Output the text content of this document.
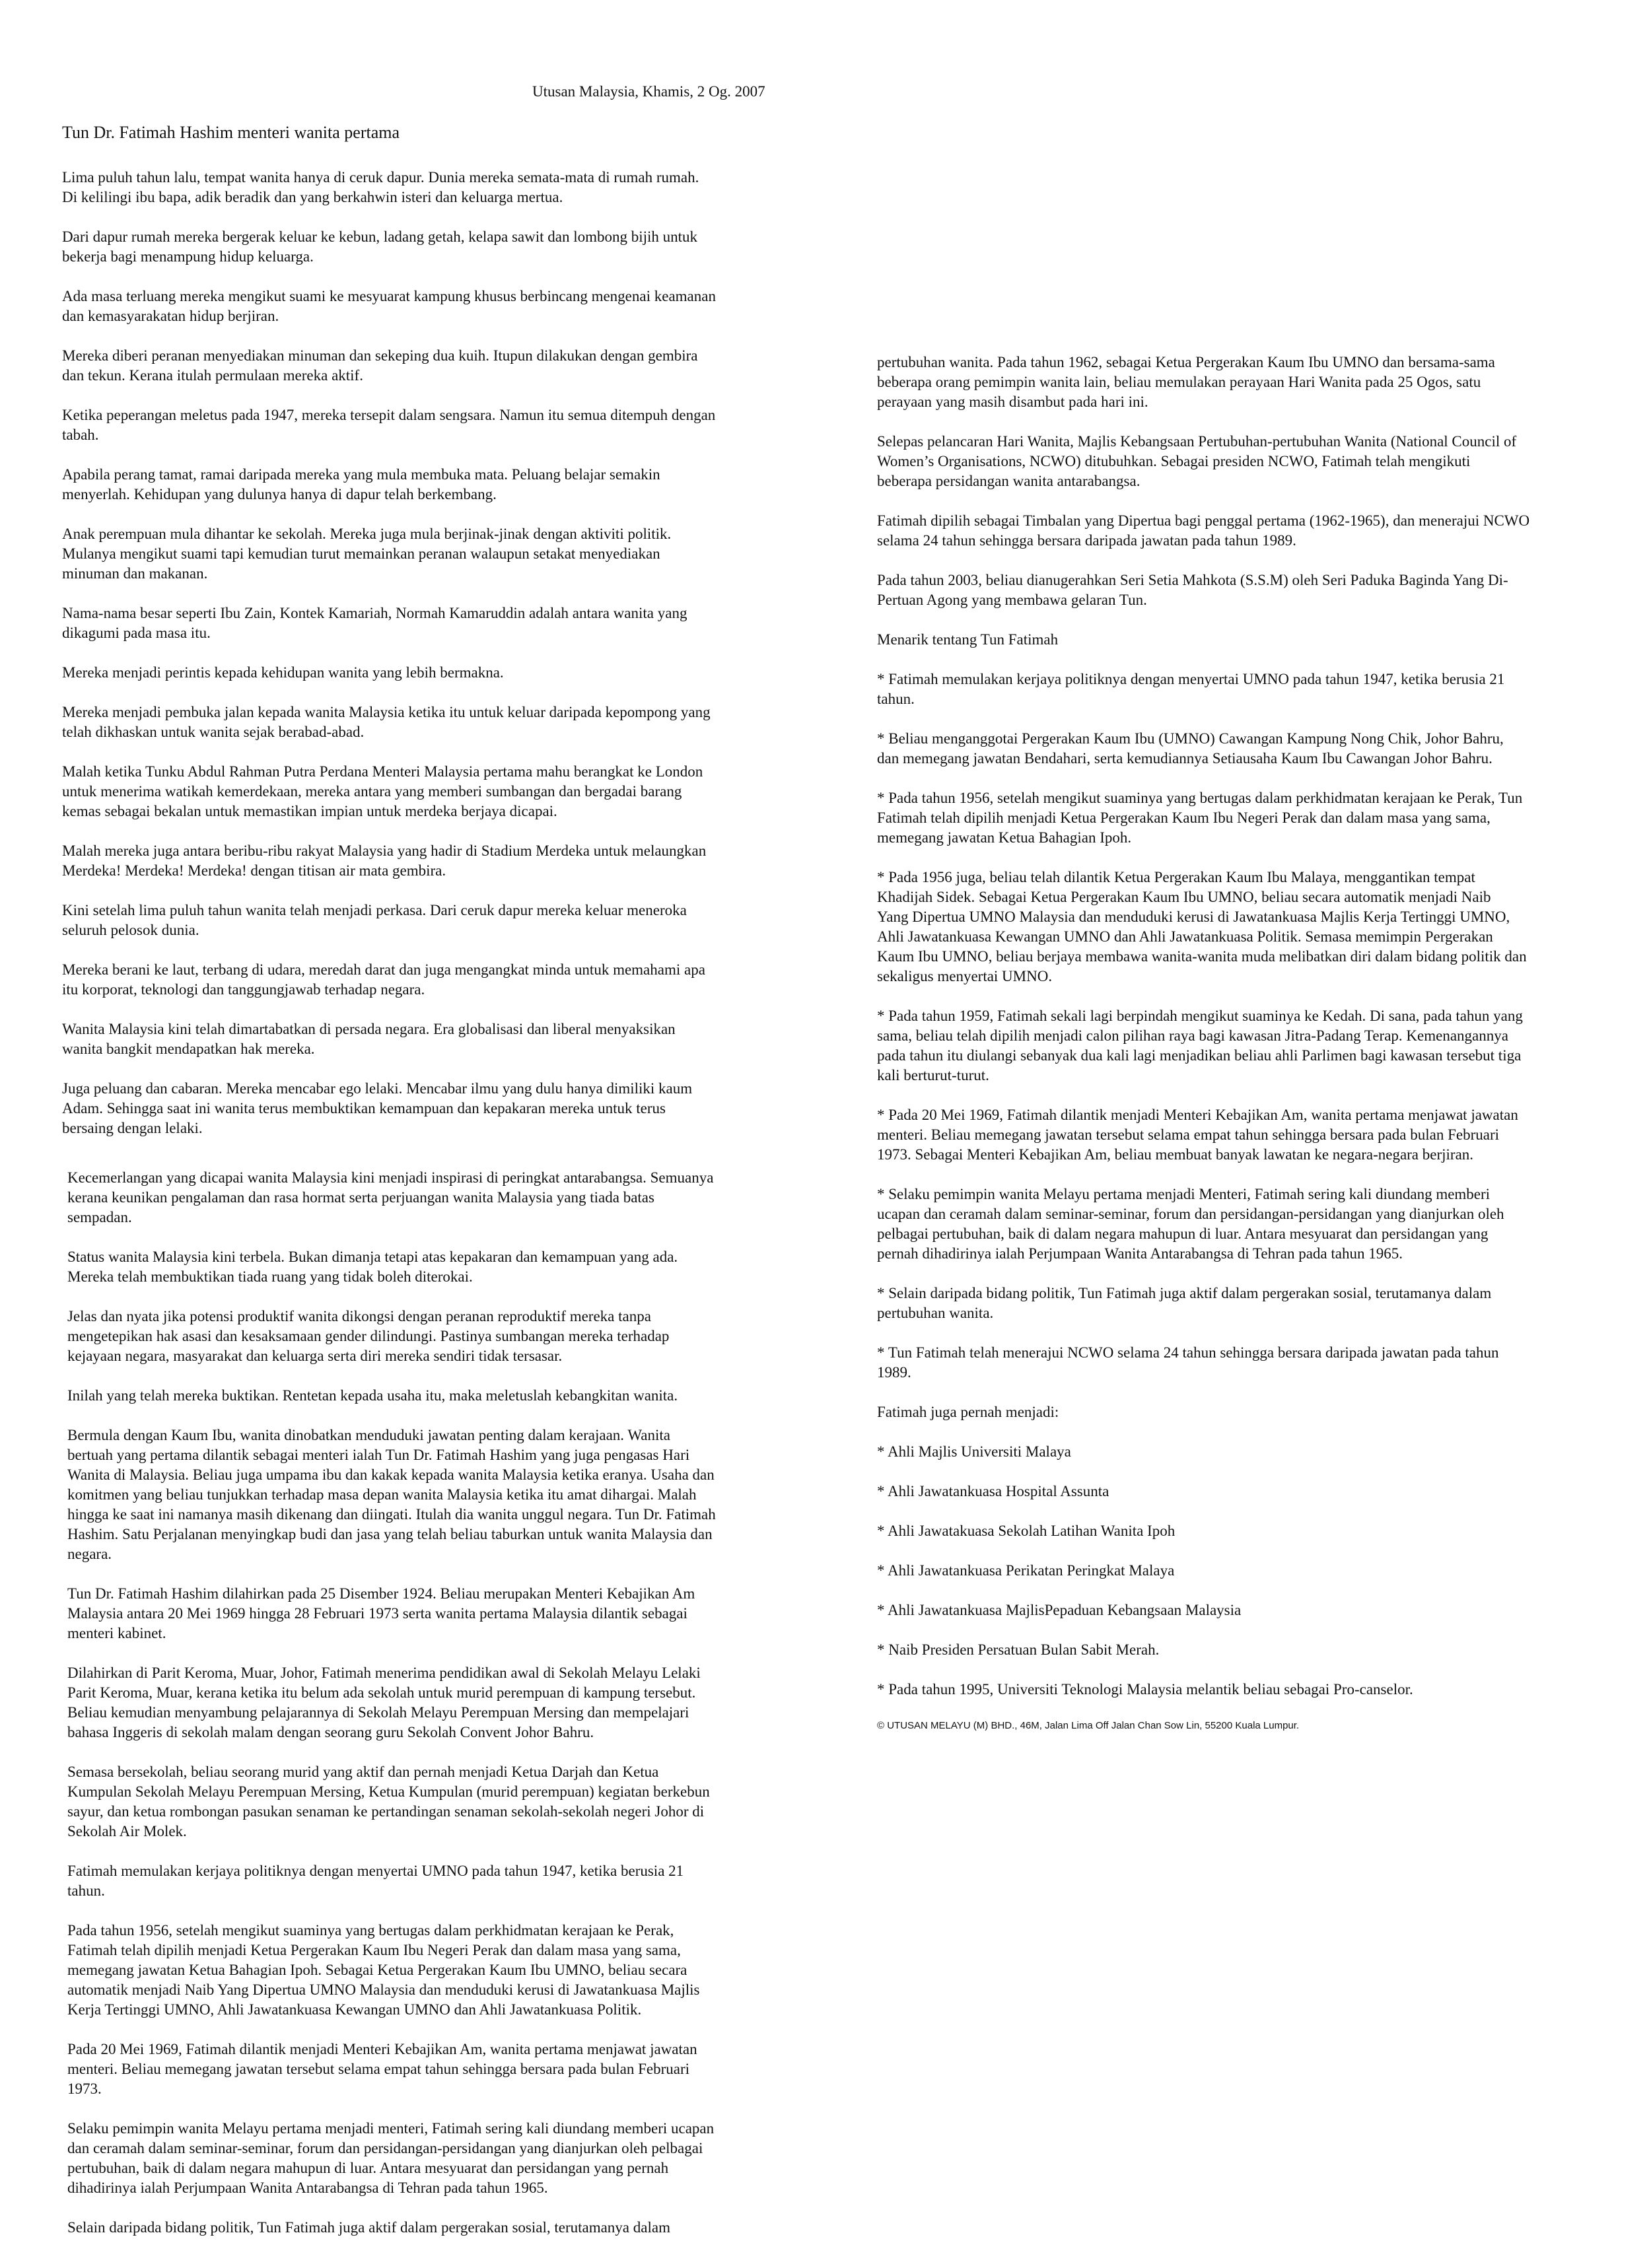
Utusan Malaysia, Khamis, 2 Og. 2007
Tun Dr. Fatimah Hashim menteri wanita pertama

Lima puluh tahun lalu, tempat wanita hanya di ceruk dapur. Dunia mereka semata-mata di rumah rumah.
Di kelilingi ibu bapa, adik beradik dan yang berkahwin isteri dan keluarga mertua.

Dari dapur rumah mereka bergerak keluar ke kebun, ladang getah, kelapa sawit dan lombong bijih untuk
bekerja bagi menampung hidup keluarga.

Ada masa terluang mereka mengikut suami ke mesyuarat kampung khusus berbincang mengenai keamanan
dan kemasyarakatan hidup berjiran.

Mereka diberi peranan menyediakan minuman dan sekeping dua kuih. Itupun dilakukan dengan gembira
dan tekun. Kerana itulah permulaan mereka aktif.

Ketika peperangan meletus pada 1947, mereka tersepit dalam sengsara. Namun itu semua ditempuh dengan
tabah.

Apabila perang tamat, ramai daripada mereka yang mula membuka mata. Peluang belajar semakin
menyerlah. Kehidupan yang dulunya hanya di dapur telah berkembang.

Anak perempuan mula dihantar ke sekolah. Mereka juga mula berjinak-jinak dengan aktiviti politik.
Mulanya mengikut suami tapi kemudian turut memainkan peranan walaupun setakat menyediakan
minuman dan makanan.

Nama-nama besar seperti Ibu Zain, Kontek Kamariah, Normah Kamaruddin adalah antara wanita yang
dikagumi pada masa itu.

Mereka menjadi perintis kepada kehidupan wanita yang lebih bermakna.

Mereka menjadi pembuka jalan kepada wanita Malaysia ketika itu untuk keluar daripada kepompong yang
telah dikhaskan untuk wanita sejak berabad-abad.

Malah ketika Tunku Abdul Rahman Putra Perdana Menteri Malaysia pertama mahu berangkat ke London
untuk menerima watikah kemerdekaan, mereka antara yang memberi sumbangan dan bergadai barang
kemas sebagai bekalan untuk memastikan impian untuk merdeka berjaya dicapai.

Malah mereka juga antara beribu-ribu rakyat Malaysia yang hadir di Stadium Merdeka untuk melaungkan
Merdeka! Merdeka! Merdeka! dengan titisan air mata gembira.

Kini setelah lima puluh tahun wanita telah menjadi perkasa. Dari ceruk dapur mereka keluar meneroka
seluruh pelosok dunia.

Mereka berani ke laut, terbang di udara, meredah darat dan juga mengangkat minda untuk memahami apa
itu korporat, teknologi dan tanggungjawab terhadap negara.

Wanita Malaysia kini telah dimartabatkan di persada negara. Era globalisasi dan liberal menyaksikan
wanita bangkit mendapatkan hak mereka.

Juga peluang dan cabaran. Mereka mencabar ego lelaki. Mencabar ilmu yang dulu hanya dimiliki kaum
Adam. Sehingga saat ini wanita terus membuktikan kemampuan dan kepakaran mereka untuk terus
bersaing dengan lelaki.

Kecemerlangan yang dicapai wanita Malaysia kini menjadi inspirasi di peringkat antarabangsa. Semuanya
kerana keunikan pengalaman dan rasa hormat serta perjuangan wanita Malaysia yang tiada batas
sempadan.

Status wanita Malaysia kini terbela. Bukan dimanja tetapi atas kepakaran dan kemampuan yang ada.
Mereka telah membuktikan tiada ruang yang tidak boleh diterokai.

Jelas dan nyata jika potensi produktif wanita dikongsi dengan peranan reproduktif mereka tanpa
mengetepikan hak asasi dan kesaksamaan gender dilindungi. Pastinya sumbangan mereka terhadap
kejayaan negara, masyarakat dan keluarga serta diri mereka sendiri tidak tersasar.

Inilah yang telah mereka buktikan. Rentetan kepada usaha itu, maka meletuslah kebangkitan wanita.

Bermula dengan Kaum Ibu, wanita dinobatkan menduduki jawatan penting dalam kerajaan. Wanita
bertuah yang pertama dilantik sebagai menteri ialah Tun Dr. Fatimah Hashim yang juga pengasas Hari
Wanita di Malaysia. Beliau juga umpama ibu dan kakak kepada wanita Malaysia ketika eranya. Usaha dan
komitmen yang beliau tunjukkan terhadap masa depan wanita Malaysia ketika itu amat dihargai. Malah
hingga ke saat ini namanya masih dikenang dan diingati. Itulah dia wanita unggul negara. Tun Dr. Fatimah
Hashim. Satu Perjalanan menyingkap budi dan jasa yang telah beliau taburkan untuk wanita Malaysia dan
negara.

Tun Dr. Fatimah Hashim dilahirkan pada 25 Disember 1924. Beliau merupakan Menteri Kebajikan Am
Malaysia antara 20 Mei 1969 hingga 28 Februari 1973 serta wanita pertama Malaysia dilantik sebagai
menteri kabinet.

Dilahirkan di Parit Keroma, Muar, Johor, Fatimah menerima pendidikan awal di Sekolah Melayu Lelaki
Parit Keroma, Muar, kerana ketika itu belum ada sekolah untuk murid perempuan di kampung tersebut.
Beliau kemudian menyambung pelajarannya di Sekolah Melayu Perempuan Mersing dan mempelajari
bahasa Inggeris di sekolah malam dengan seorang guru Sekolah Convent Johor Bahru.

Semasa bersekolah, beliau seorang murid yang aktif dan pernah menjadi Ketua Darjah dan Ketua
Kumpulan Sekolah Melayu Perempuan Mersing, Ketua Kumpulan (murid perempuan) kegiatan berkebun
sayur, dan ketua rombongan pasukan senaman ke pertandingan senaman sekolah-sekolah negeri Johor di
Sekolah Air Molek.

Fatimah memulakan kerjaya politiknya dengan menyertai UMNO pada tahun 1947, ketika berusia 21
tahun.

Pada tahun 1956, setelah mengikut suaminya yang bertugas dalam perkhidmatan kerajaan ke Perak,
Fatimah telah dipilih menjadi Ketua Pergerakan Kaum Ibu Negeri Perak dan dalam masa yang sama,
memegang jawatan Ketua Bahagian Ipoh. Sebagai Ketua Pergerakan Kaum Ibu UMNO, beliau secara
automatik menjadi Naib Yang Dipertua UMNO Malaysia dan menduduki kerusi di Jawatankuasa Majlis
Kerja Tertinggi UMNO, Ahli Jawatankuasa Kewangan UMNO dan Ahli Jawatankuasa Politik.

Pada 20 Mei 1969, Fatimah dilantik menjadi Menteri Kebajikan Am, wanita pertama menjawat jawatan
menteri. Beliau memegang jawatan tersebut selama empat tahun sehingga bersara pada bulan Februari
1973.

Selaku pemimpin wanita Melayu pertama menjadi menteri, Fatimah sering kali diundang memberi ucapan
dan ceramah dalam seminar-seminar, forum dan persidangan-persidangan yang dianjurkan oleh pelbagai
pertubuhan, baik di dalam negara mahupun di luar. Antara mesyuarat dan persidangan yang pernah
dihadirinya ialah Perjumpaan Wanita Antarabangsa di Tehran pada tahun 1965.

Selain daripada bidang politik, Tun Fatimah juga aktif dalam pergerakan sosial, terutamanya dalam

pertubuhan wanita. Pada tahun 1962, sebagai Ketua Pergerakan Kaum Ibu UMNO dan bersama-sama
beberapa orang pemimpin wanita lain, beliau memulakan perayaan Hari Wanita pada 25 Ogos, satu
perayaan yang masih disambut pada hari ini.

Selepas pelancaran Hari Wanita, Majlis Kebangsaan Pertubuhan-pertubuhan Wanita (National Council of
Women’s Organisations, NCWO) ditubuhkan. Sebagai presiden NCWO, Fatimah telah mengikuti
beberapa persidangan wanita antarabangsa.

Fatimah dipilih sebagai Timbalan yang Dipertua bagi penggal pertama (1962-1965), dan menerajui NCWO
selama 24 tahun sehingga bersara daripada jawatan pada tahun 1989.

Pada tahun 2003, beliau dianugerahkan Seri Setia Mahkota (S.S.M) oleh Seri Paduka Baginda Yang Di-
Pertuan Agong yang membawa gelaran Tun.

Menarik tentang Tun Fatimah

* Fatimah memulakan kerjaya politiknya dengan menyertai UMNO pada tahun 1947, ketika berusia 21
tahun.

* Beliau menganggotai Pergerakan Kaum Ibu (UMNO) Cawangan Kampung Nong Chik, Johor Bahru,
dan memegang jawatan Bendahari, serta kemudiannya Setiausaha Kaum Ibu Cawangan Johor Bahru.

* Pada tahun 1956, setelah mengikut suaminya yang bertugas dalam perkhidmatan kerajaan ke Perak, Tun
Fatimah telah dipilih menjadi Ketua Pergerakan Kaum Ibu Negeri Perak dan dalam masa yang sama,
memegang jawatan Ketua Bahagian Ipoh.

* Pada 1956 juga, beliau telah dilantik Ketua Pergerakan Kaum Ibu Malaya, menggantikan tempat
Khadijah Sidek. Sebagai Ketua Pergerakan Kaum Ibu UMNO, beliau secara automatik menjadi Naib
Yang Dipertua UMNO Malaysia dan menduduki kerusi di Jawatankuasa Majlis Kerja Tertinggi UMNO,
Ahli Jawatankuasa Kewangan UMNO dan Ahli Jawatankuasa Politik. Semasa memimpin Pergerakan
Kaum Ibu UMNO, beliau berjaya membawa wanita-wanita muda melibatkan diri dalam bidang politik dan
sekaligus menyertai UMNO.

* Pada tahun 1959, Fatimah sekali lagi berpindah mengikut suaminya ke Kedah. Di sana, pada tahun yang
sama, beliau telah dipilih menjadi calon pilihan raya bagi kawasan Jitra-Padang Terap. Kemenangannya
pada tahun itu diulangi sebanyak dua kali lagi menjadikan beliau ahli Parlimen bagi kawasan tersebut tiga
kali berturut-turut.

* Pada 20 Mei 1969, Fatimah dilantik menjadi Menteri Kebajikan Am, wanita pertama menjawat jawatan
menteri. Beliau memegang jawatan tersebut selama empat tahun sehingga bersara pada bulan Februari
1973. Sebagai Menteri Kebajikan Am, beliau membuat banyak lawatan ke negara-negara berjiran.

* Selaku pemimpin wanita Melayu pertama menjadi Menteri, Fatimah sering kali diundang memberi
ucapan dan ceramah dalam seminar-seminar, forum dan persidangan-persidangan yang dianjurkan oleh
pelbagai pertubuhan, baik di dalam negara mahupun di luar. Antara mesyuarat dan persidangan yang
pernah dihadirinya ialah Perjumpaan Wanita Antarabangsa di Tehran pada tahun 1965.

* Selain daripada bidang politik, Tun Fatimah juga aktif dalam pergerakan sosial, terutamanya dalam
pertubuhan wanita.

* Tun Fatimah telah menerajui NCWO selama 24 tahun sehingga bersara daripada jawatan pada tahun
1989.

Fatimah juga pernah menjadi:

* Ahli Majlis Universiti Malaya

* Ahli Jawatankuasa Hospital Assunta

* Ahli Jawatakuasa Sekolah Latihan Wanita Ipoh

* Ahli Jawatankuasa Perikatan Peringkat Malaya

* Ahli Jawatankuasa MajlisPepaduan Kebangsaan Malaysia

* Naib Presiden Persatuan Bulan Sabit Merah.

* Pada tahun 1995, Universiti Teknologi Malaysia melantik beliau sebagai Pro-canselor.

© UTUSAN MELAYU (M) BHD., 46M, Jalan Lima Off Jalan Chan Sow Lin, 55200 Kuala Lumpur.
